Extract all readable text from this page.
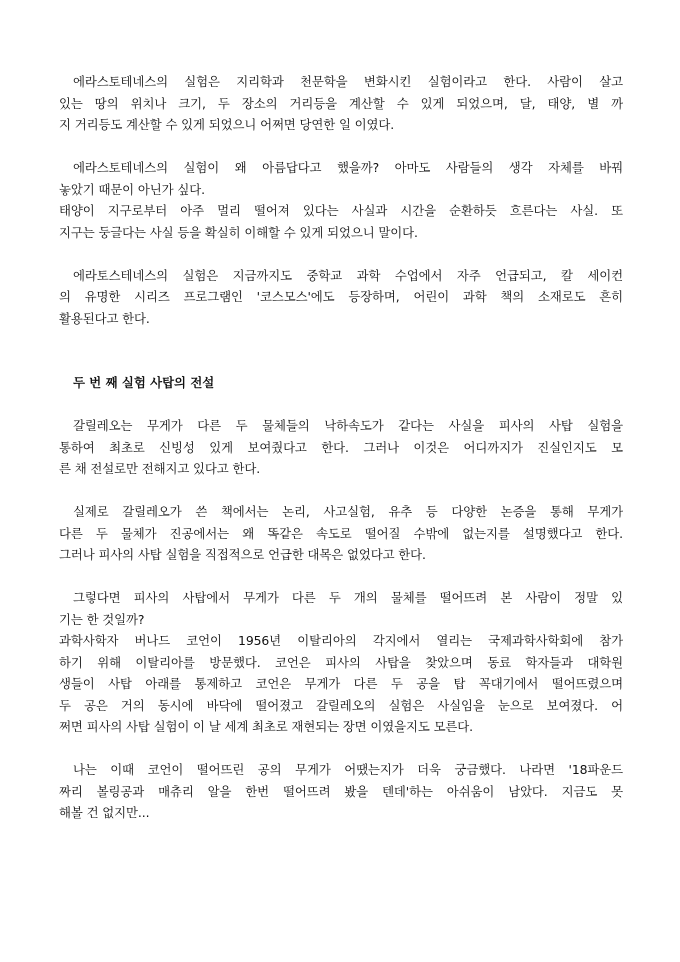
에라스토테네스의 실험은 지리학과 천문학을 변화시킨 실험이라고 한다. 사람이 살고
있는 땅의 위치나 크기, 두 장소의 거리등을 계산할 수 있게 되었으며, 달, 태양, 별 까
지 거리등도 계산할 수 있게 되었으니 어쩌면 당연한 일 이였다.

에라스토테네스의 실험이 왜 아름답다고 했을까? 아마도 사람들의 생각 자체를 바꿔
놓았기 때문이 아닌가 싶다.
태양이 지구로부터 아주 멀리 떨어져 있다는 사실과 시간을 순환하듯 흐른다는 사실. 또
지구는 둥글다는 사실 등을 확실히 이해할 수 있게 되었으니 말이다.

에라토스테네스의 실험은 지금까지도 중학교 과학 수업에서 자주 언급되고, 칼 세이컨
의 유명한 시리즈 프로그램인 '코스모스'에도 등장하며, 어린이 과학 책의 소재로도 흔히
활용된다고 한다.

두 번 째 실험 사탑의 전설

갈릴레오는 무게가 다른 두 물체들의 낙하속도가 같다는 사실을 피사의 사탑 실험을
통하여 최초로 신빙성 있게 보여줬다고 한다. 그러나 이것은 어디까지가 진실인지도 모
른 채 전설로만 전해지고 있다고 한다.

실제로 갈릴레오가 쓴 책에서는 논리, 사고실험, 유추 등 다양한 논증을 통해 무게가
다른 두 물체가 진공에서는 왜 똑같은 속도로 떨어질 수밖에 없는지를 설명했다고 한다.
그러나 피사의 사탑 실험을 직접적으로 언급한 대목은 없었다고 한다.

그렇다면 피사의 사탑에서 무게가 다른 두 개의 물체를 떨어뜨려 본 사람이 정말 있
기는 한 것일까?
과학사학자 버나드 코언이 1956년 이탈리아의 각지에서 열리는 국제과학사학회에 참가
하기 위해 이탈리아를 방문했다. 코언은 피사의 사탑을 찾았으며 동료 학자들과 대학원
생들이 사탑 아래를 통제하고 코언은 무게가 다른 두 공을 탑 꼭대기에서 떨어뜨렸으며
두 공은 거의 동시에 바닥에 떨어졌고 갈릴레오의 실험은 사실임을 눈으로 보여졌다. 어
쩌면 피사의 사탑 실험이 이 날 세계 최초로 재현되는 장면 이였을지도 모른다.

나는 이때 코언이 떨어뜨린 공의 무게가 어땠는지가 더욱 궁금했다. 나라면 '18파운드
짜리 볼링공과 매츄리 알을 한번 떨어뜨려 봤을 텐데'하는 아쉬움이 남았다. 지금도 못
해볼 건 없지만...
